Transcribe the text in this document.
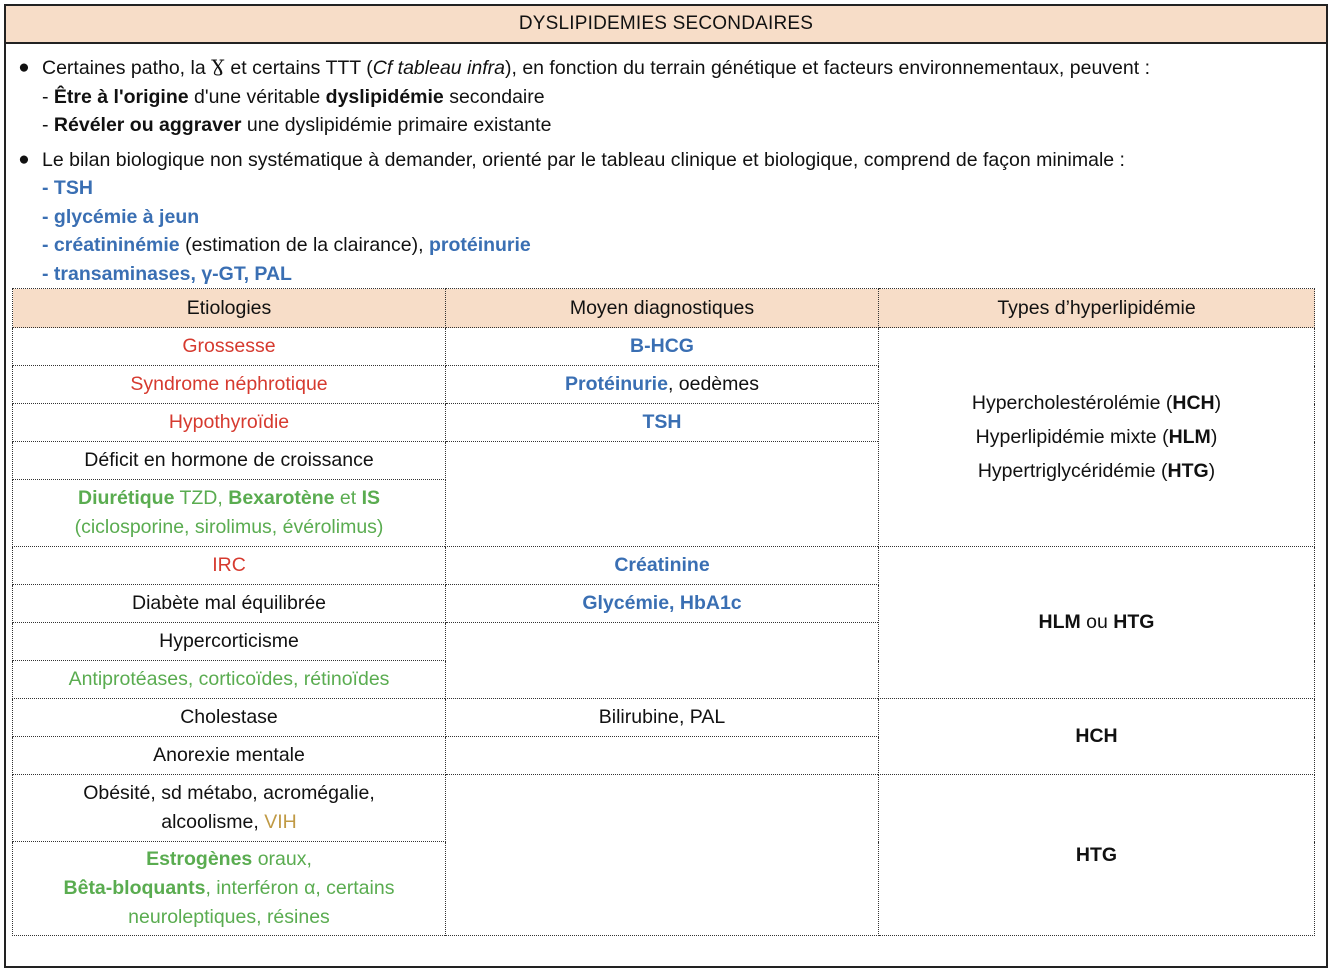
DYSLIPIDEMIES SECONDAIRES
● Certaines patho, la Ɣ et certains TTT (Cf tableau infra), en fonction du terrain génétique et facteurs environnementaux, peuvent :
- Être à l'origine d'une véritable dyslipidémie secondaire
- Révéler ou aggraver une dyslipidémie primaire existante
● Le bilan biologique non systématique à demander, orienté par le tableau clinique et biologique, comprend de façon minimale :
- TSH
- glycémie à jeun
- créatininémie (estimation de la clairance), protéinurie
- transaminases, γ-GT, PAL
Etiologies	Moyen diagnostiques	Types d’hyperlipidémie
Grossesse	B-HCG	Hypercholestérolémie (HCH)
Hyperlipidémie mixte (HLM)
Hypertriglycéridémie (HTG)

Syndrome néphrotique	Protéinurie, oedèmes	
Hypothyroïdie	TSH	
Déficit en hormone de croissance		

Diurétique TZD, Bexarotène et IS
(ciclosporine, sirolimus, évérolimus)		

IRC	Créatinine	HLM ou HTG
Diabète mal équilibrée	Glycémie, HbA1c	
Hypercorticisme		
Antiprotéases, corticoïdes, rétinoïdes		
Cholestase	Bilirubine, PAL	HCH
Anorexie mentale		

Obésité, sd métabo, acromégalie,
alcoolisme, VIH		HTG

Estrogènes oraux,
Bêta-bloquants, interféron α, certains
neuroleptiques, résines		
